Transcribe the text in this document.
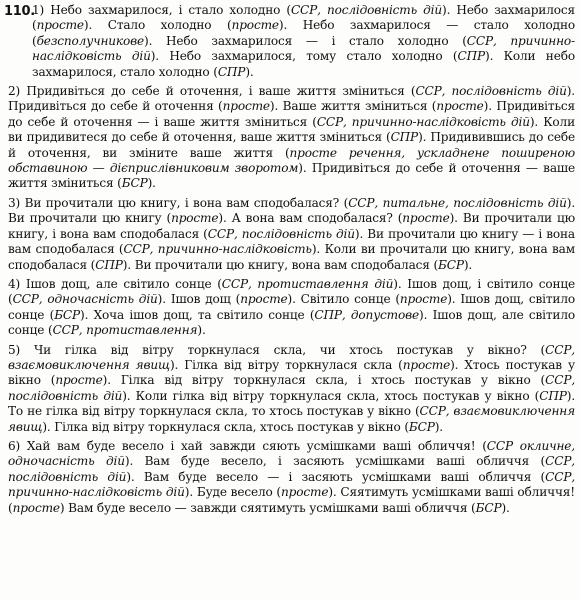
110.

1) Небо захмарилося, і стало холодно (ССР, послідовність дій). Небо захмарилося (просте). Стало холодно (просте). Небо захмарилося — стало холодно (безсполучникове). Небо захмарилося — і стало холодно (ССР, причинно-наслідковість дій). Небо захмарилося, тому стало холодно (СПР). Коли небо захмарилося, стало холодно (СПР).

2) Придивіться до себе й оточення, і ваше життя зміниться (ССР, послідовність дій). Придивіться до себе й оточення (просте). Ваше життя зміниться (просте). Придивіться до себе й оточення — і ваше життя зміниться (ССР, причинно-наслідковість дій). Коли ви придивитеся до себе й оточення, ваше життя зміниться (СПР). Придивившись до себе й оточення, ви зміните ваше життя (просте речення, ускладнене поширеною обставиною — дієприслівниковим зворотом). Придивіться до себе й оточення — ваше життя зміниться (БСР).

3) Ви прочитали цю книгу, і вона вам сподобалася? (ССР, питальне, послідовність дій). Ви прочитали цю книгу (просте). А вона вам сподобалася? (просте). Ви прочитали цю книгу, і вона вам сподобалася (ССР, послідовність дій). Ви прочитали цю книгу — і вона вам сподобалася (ССР, причинно-наслідковість). Коли ви прочитали цю книгу, вона вам сподобалася (СПР). Ви прочитали цю книгу, вона вам сподобалася (БСР).

4) Ішов дощ, але світило сонце (ССР, протиставлення дій). Ішов дощ, і світило сонце (ССР, одночасність дій). Ішов дощ (просте). Світило сонце (просте). Ішов дощ, світило сонце (БСР). Хоча ішов дощ, та світило сонце (СПР, допустове). Ішов дощ, але світило сонце (ССР, протиставлення).

5) Чи гілка від вітру торкнулася скла, чи хтось постукав у вікно? (ССР, взаємовиключення явищ). Гілка від вітру торкнулася скла (просте). Хтось постукав у вікно (просте). Гілка від вітру торкнулася скла, і хтось постукав у вікно (ССР, послідовність дій). Коли гілка від вітру торкнулася скла, хтось постукав у вікно (СПР). То не гілка від вітру торкнулася скла, то хтось постукав у вікно (ССР, взаємовиключення явищ). Гілка від вітру торкнулася скла, хтось постукав у вікно (БСР).

6) Хай вам буде весело і хай завжди сяють усмішками ваші обличчя! (ССР окличне, одночасність дій). Вам буде весело, і засяють усмішками ваші обличчя (ССР, послідовність дій). Вам буде весело — і засяють усмішками ваші обличчя (ССР, причинно-наслідковість дій). Буде весело (просте). Сяятимуть усмішками ваші обличчя! (просте) Вам буде весело — завжди сяятимуть усмішками ваші обличчя (БСР).
